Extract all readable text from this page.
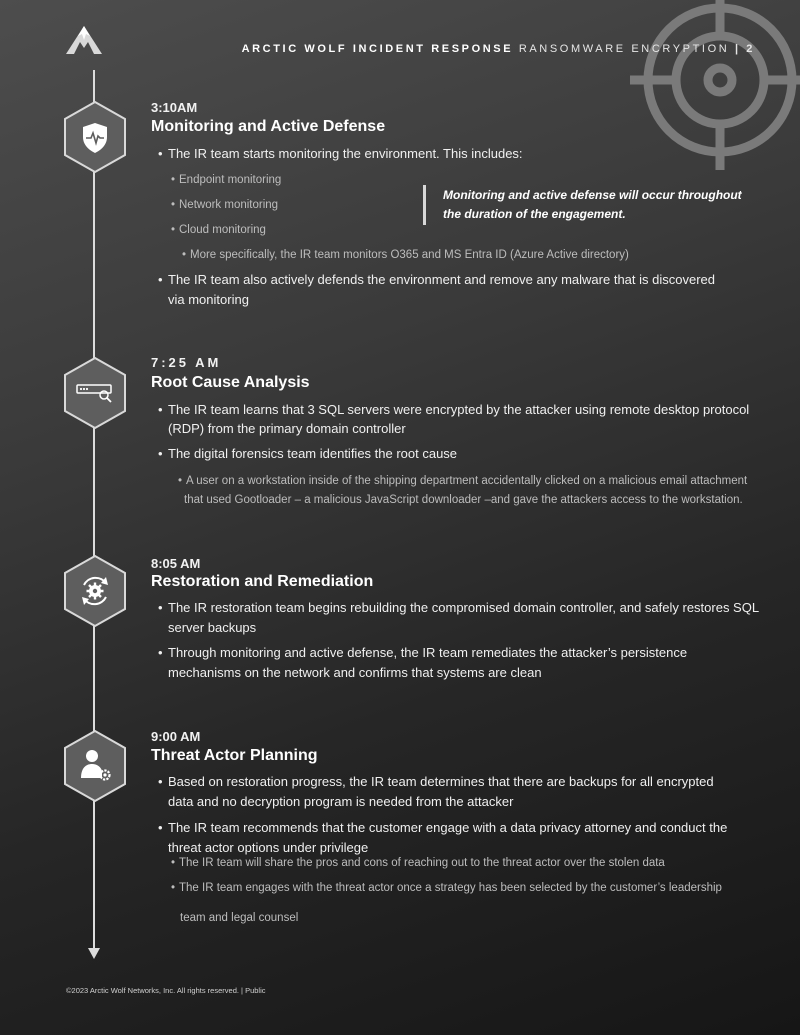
ARCTIC WOLF INCIDENT RESPONSE RANSOMWARE ENCRYPTION | 2
3:10AM
Monitoring and Active Defense
• The IR team starts monitoring the environment. This includes:
• Endpoint monitoring
• Network monitoring
• Cloud monitoring
• More specifically, the IR team monitors O365 and MS Entra ID (Azure Active directory)
Monitoring and active defense will occur throughout
the duration of the engagement.
• The IR team also actively defends the environment and remove any malware that is discovered
via monitoring
7:25 AM
Root Cause Analysis
• The IR team learns that 3 SQL servers were encrypted by the attacker using remote desktop protocol
(RDP) from the primary domain controller
• The digital forensics team identifies the root cause
• A user on a workstation inside of the shipping department accidentally clicked on a malicious email attachment
that used Gootloader – a malicious JavaScript downloader –and gave the attackers access to the workstation.
8:05 AM
Restoration and Remediation
• The IR restoration team begins rebuilding the compromised domain controller, and safely restores SQL
server backups
• Through monitoring and active defense, the IR team remediates the attacker’s persistence
mechanisms on the network and confirms that systems are clean
9:00 AM
Threat Actor Planning
• Based on restoration progress, the IR team determines that there are backups for all encrypted
data and no decryption program is needed from the attacker
• The IR team recommends that the customer engage with a data privacy attorney and conduct the
threat actor options under privilege
• The IR team will share the pros and cons of reaching out to the threat actor over the stolen data
• The IR team engages with the threat actor once a strategy has been selected by the customer’s leadership
team and legal counsel
©2023 Arctic Wolf Networks, Inc. All rights reserved. | Public
